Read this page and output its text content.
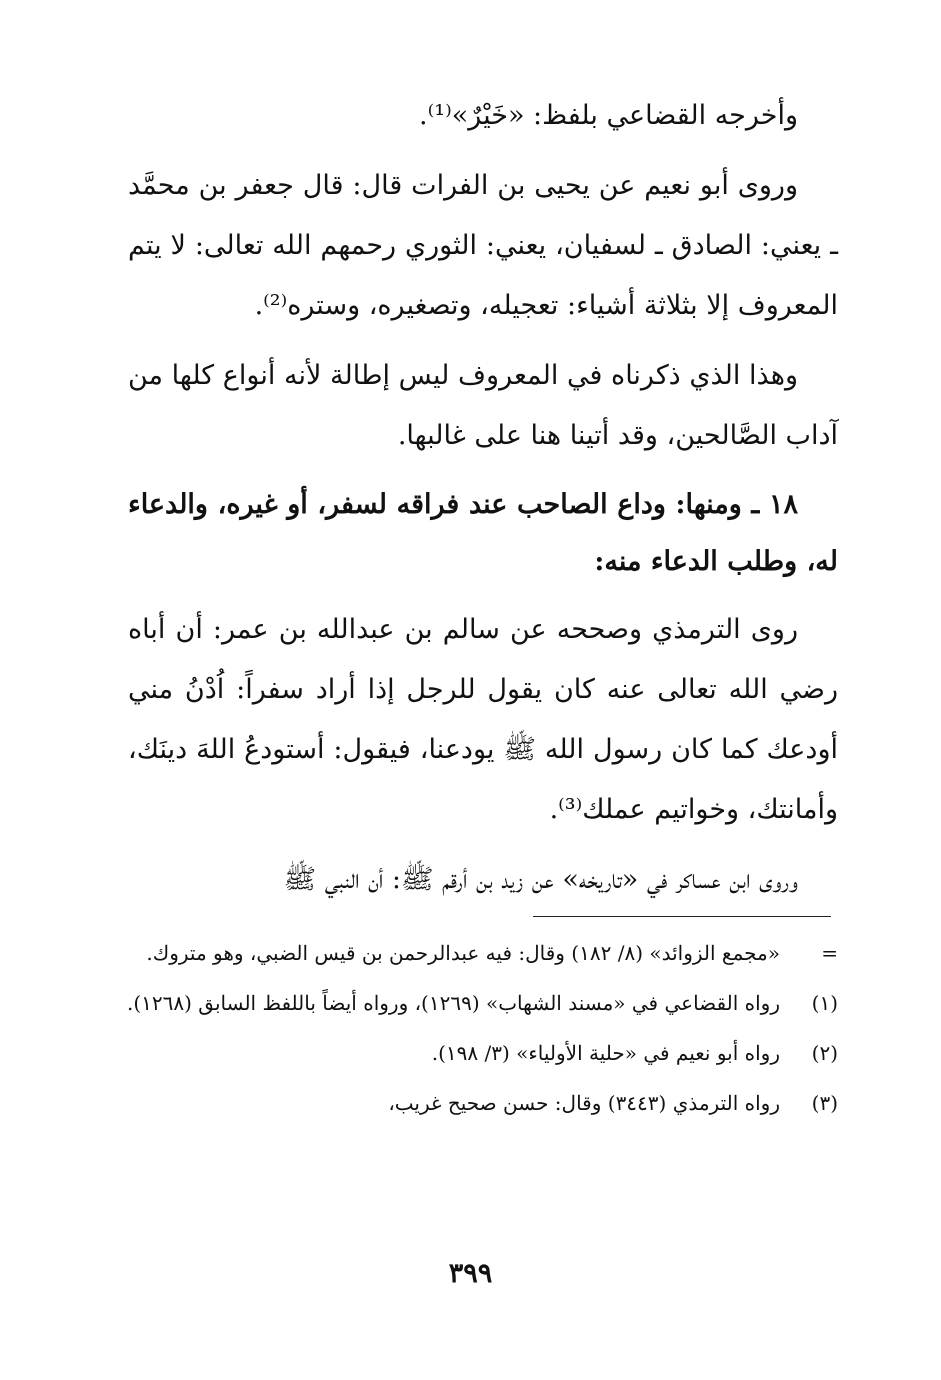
وأخرجه القضاعي بلفظ: «خَيْرٌ»⁽¹⁾.

وروى أبو نعيم عن يحيى بن الفرات قال: قال جعفر بن محمَّد ـ يعني: الصادق ـ لسفيان، يعني: الثوري رحمهم الله تعالى: لا يتم المعروف إلا بثلاثة أشياء: تعجيله، وتصغيره، وستره⁽²⁾.

وهذا الذي ذكرناه في المعروف ليس إطالة لأنه أنواع كلها من آداب الصَّالحين، وقد أتينا هنا على غالبها.

١٨ ـ ومنها: وداع الصاحب عند فراقه لسفر، أو غيره، والدعاء له، وطلب الدعاء منه:

روى الترمذي وصححه عن سالم بن عبدالله بن عمر: أن أباه رضي الله تعالى عنه كان يقول للرجل إذا أراد سفراً: اُدْنُ مني أودعك كما كان رسول الله ﷺ يودعنا، فيقول: أستودعُ اللهَ دينَك، وأمانتك، وخواتيم عملك⁽³⁾.

وروى ابن عساكر في «تاريخه» عن زيد بن أرقم ﷺ: أن النبي ﷺ

=
«مجمع الزوائد» (٨/ ١٨٢) وقال: فيه عبدالرحمن بن قيس الضبي، وهو متروك.
(١)
رواه القضاعي في «مسند الشهاب» (١٢٦٩)، ورواه أيضاً باللفظ السابق (١٢٦٨).
(٢)
رواه أبو نعيم في «حلية الأولياء» (٣/ ١٩٨).
(٣)
رواه الترمذي (٣٤٤٣) وقال: حسن صحيح غريب،
٣٩٩
